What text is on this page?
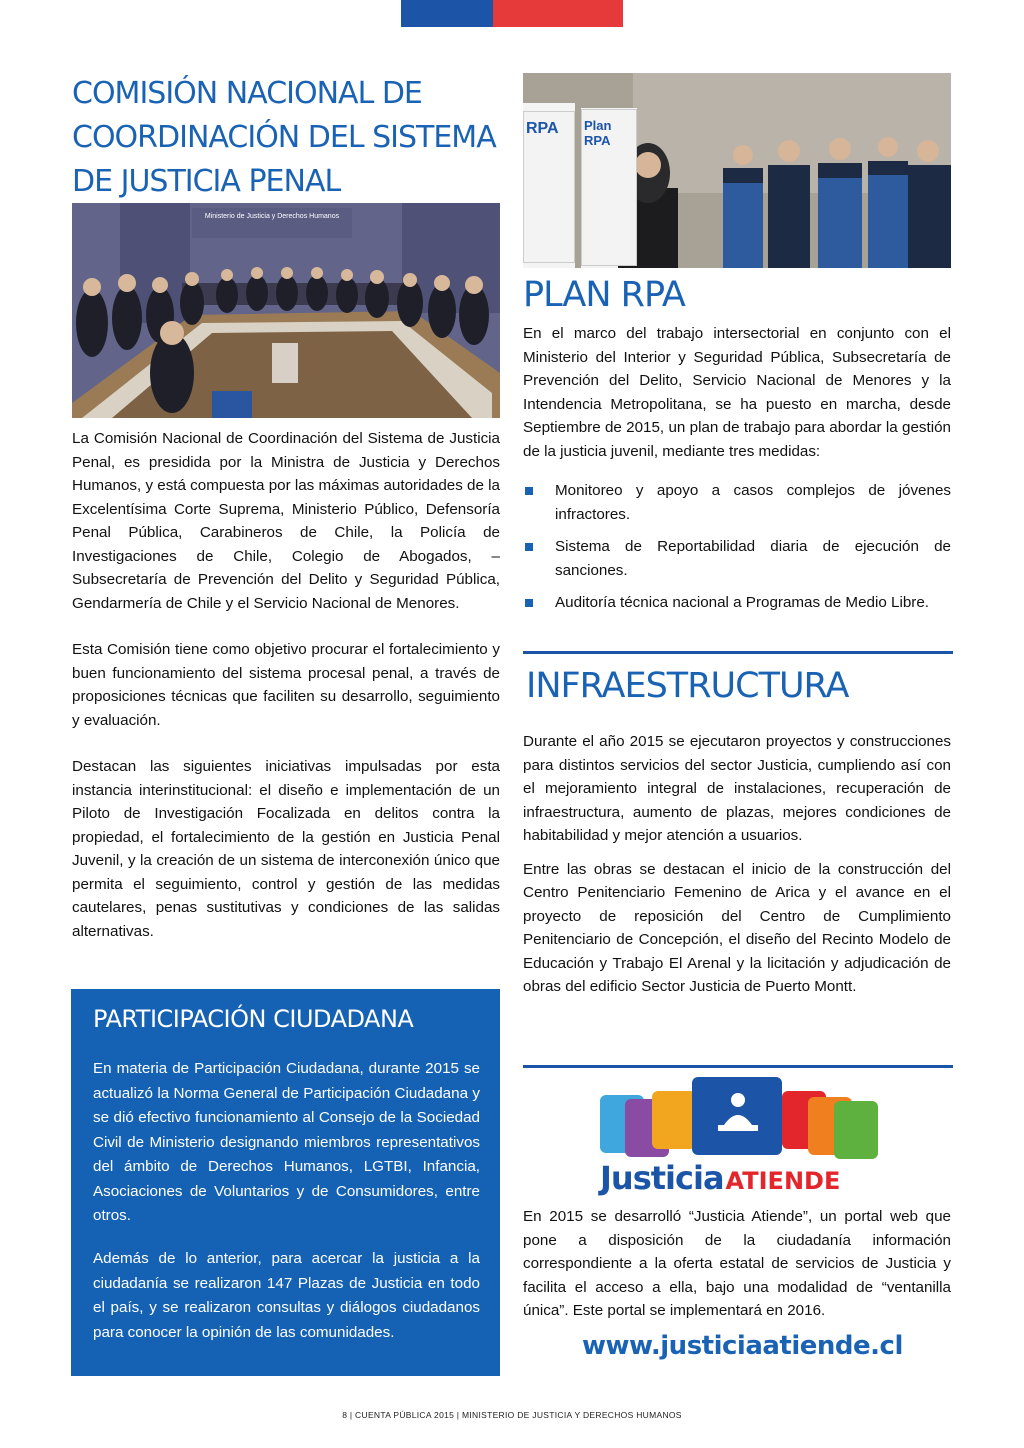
COMISIÓN NACIONAL DE COORDINACIÓN DEL SISTEMA DE JUSTICIA PENAL
Ministerio de Justicia y Derechos Humanos

La Comisión Nacional de Coordinación del Sistema de Justicia Penal, es presidida por la Ministra de Justicia y Derechos Humanos, y está compuesta por las máximas autoridades de la Excelentísima Corte Suprema, Ministerio Público, Defensoría Penal Pública, Carabineros de Chile, la Policía de Investigaciones de Chile, Colegio de Abogados, –Subsecretaría de Prevención del Delito y Seguridad Pública, Gendarmería de Chile y el Servicio Nacional de Menores.

Esta Comisión tiene como objetivo procurar el fortalecimiento y buen funcionamiento del sistema procesal penal, a través de proposiciones técnicas que faciliten su desarrollo, seguimiento y evaluación.

Destacan las siguientes iniciativas impulsadas por esta instancia interinstitucional: el diseño e implementación de un Piloto de Investigación Focalizada en delitos contra la propiedad, el fortalecimiento de la gestión en Justicia Penal Juvenil, y la creación de un sistema de interconexión único que permita el seguimiento, control y gestión de las medidas cautelares, penas sustitutivas y condiciones de las salidas alternativas.

PARTICIPACIÓN CIUDADANA

En materia de Participación Ciudadana, durante 2015 se actualizó la Norma General de Participación Ciudadana y se dió efectivo funcionamiento al Consejo de la Sociedad Civil de Ministerio designando miembros representativos del ámbito de Derechos Humanos, LGTBI, Infancia, Asociaciones de Voluntarios y de Consumidores, entre otros.

Además de lo anterior, para acercar la justicia a la ciudadanía se realizaron 147 Plazas de Justicia en todo el país, y se realizaron consultas y diálogos ciudadanos para conocer la opinión de las comunidades.

RPA	Plan RPA
PLAN RPA

En el marco del trabajo intersectorial en conjunto con el Ministerio del Interior y Seguridad Pública, Subsecretaría de Prevención del Delito, Servicio Nacional de Menores y la Intendencia Metropolitana, se ha puesto en marcha, desde Septiembre de 2015, un plan de trabajo para abordar la gestión de la justicia juvenil, mediante tres medidas:

Monitoreo y apoyo a casos complejos de jóvenes infractores.
Sistema de Reportabilidad diaria de ejecución de sanciones.
Auditoría técnica nacional a Programas de Medio Libre.
INFRAESTRUCTURA

Durante el año 2015 se ejecutaron proyectos y construcciones para distintos servicios del sector Justicia, cumpliendo así con el mejoramiento integral de instalaciones, recuperación de infraestructura, aumento de plazas, mejores condiciones de habitabilidad y mejor atención a usuarios.

Entre las obras se destacan el inicio de la construcción del Centro Penitenciario Femenino de Arica y el avance en el proyecto de reposición del Centro de Cumplimiento Penitenciario de Concepción, el diseño del Recinto Modelo de Educación y Trabajo El Arenal y la licitación y adjudicación de obras del edificio Sector Justicia de Puerto Montt.

JusticiaATIENDE

En 2015 se desarrolló “Justicia Atiende”, un portal web que pone a disposición de la ciudadanía información correspondiente a la oferta estatal de servicios de Justicia y facilita el acceso a ella, bajo una modalidad de “ventanilla única”. Este portal se implementará en 2016.

www.justiciaatiende.cl

8 | CUENTA PÚBLICA 2015 | MINISTERIO DE JUSTICIA Y DERECHOS HUMANOS
